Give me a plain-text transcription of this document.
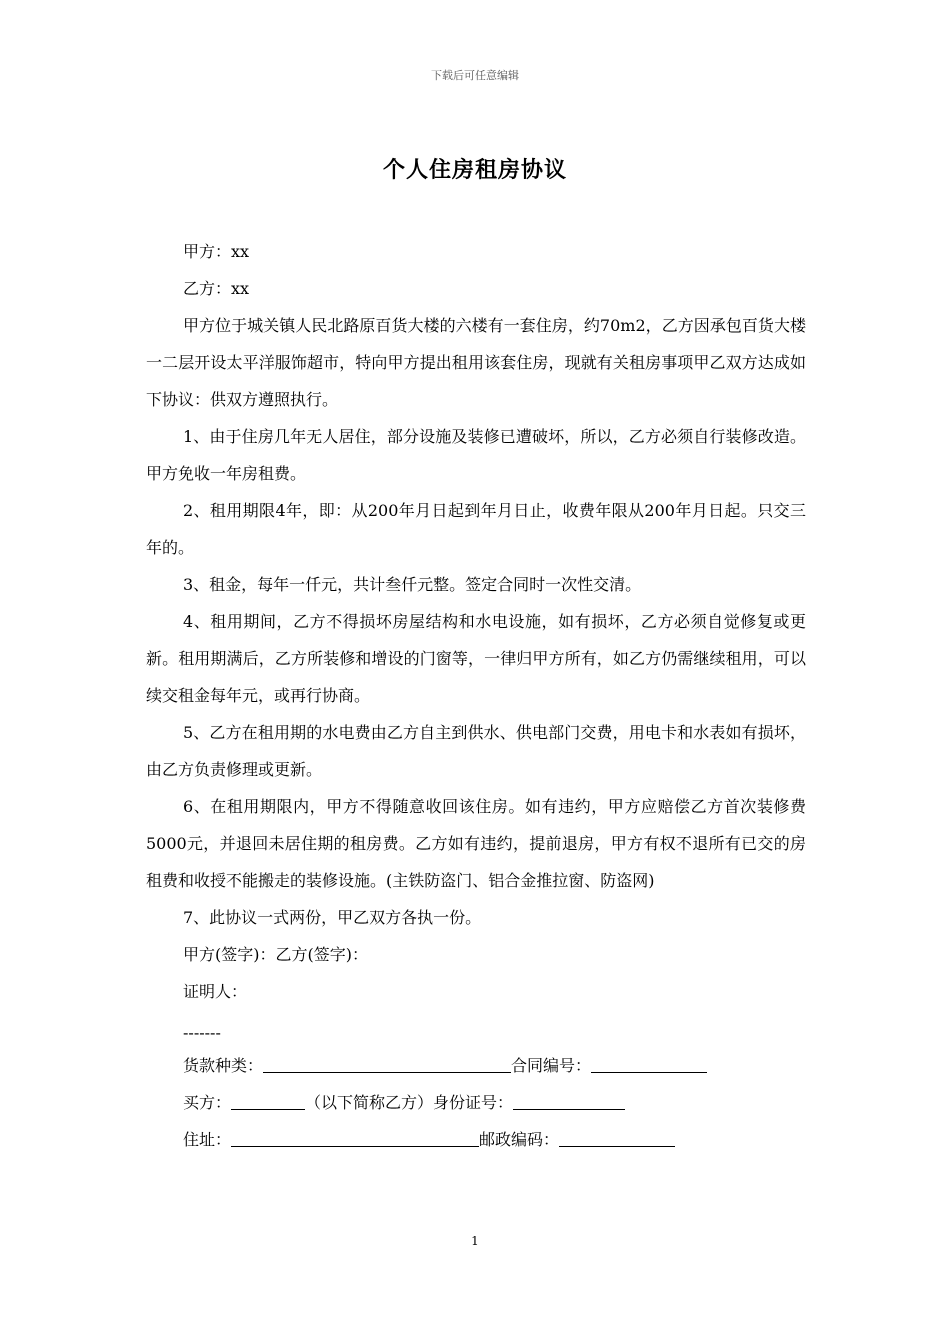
下载后可任意编辑
个人住房租房协议

甲方：xx

乙方：xx

甲方位于城关镇人民北路原百货大楼的六楼有一套住房，约70m2，乙方因承包百货大楼一二层开设太平洋服饰超市，特向甲方提出租用该套住房，现就有关租房事项甲乙双方达成如下协议：供双方遵照执行。

1、由于住房几年无人居住，部分设施及装修已遭破坏，所以，乙方必须自行装修改造。甲方免收一年房租费。

2、租用期限4年，即：从200年月日起到年月日止，收费年限从200年月日起。只交三年的。

3、租金，每年一仟元，共计叁仟元整。签定合同时一次性交清。

4、租用期间，乙方不得损坏房屋结构和水电设施，如有损坏，乙方必须自觉修复或更新。租用期满后，乙方所装修和增设的门窗等，一律归甲方所有，如乙方仍需继续租用，可以续交租金每年元，或再行协商。

5、乙方在租用期的水电费由乙方自主到供水、供电部门交费，用电卡和水表如有损坏，由乙方负责修理或更新。

6、在租用期限内，甲方不得随意收回该住房。如有违约，甲方应赔偿乙方首次装修费5000元，并退回未居住期的租房费。乙方如有违约，提前退房，甲方有权不退所有已交的房租费和收授不能搬走的装修设施。(主铁防盗门、铝合金推拉窗、防盗网)

7、此协议一式两份，甲乙双方各执一份。

甲方(签字)：乙方(签字)：

证明人：

-------

货款种类：	合同编号：

买方：	（以下简称乙方）身份证号：

住址：	邮政编码：

1
